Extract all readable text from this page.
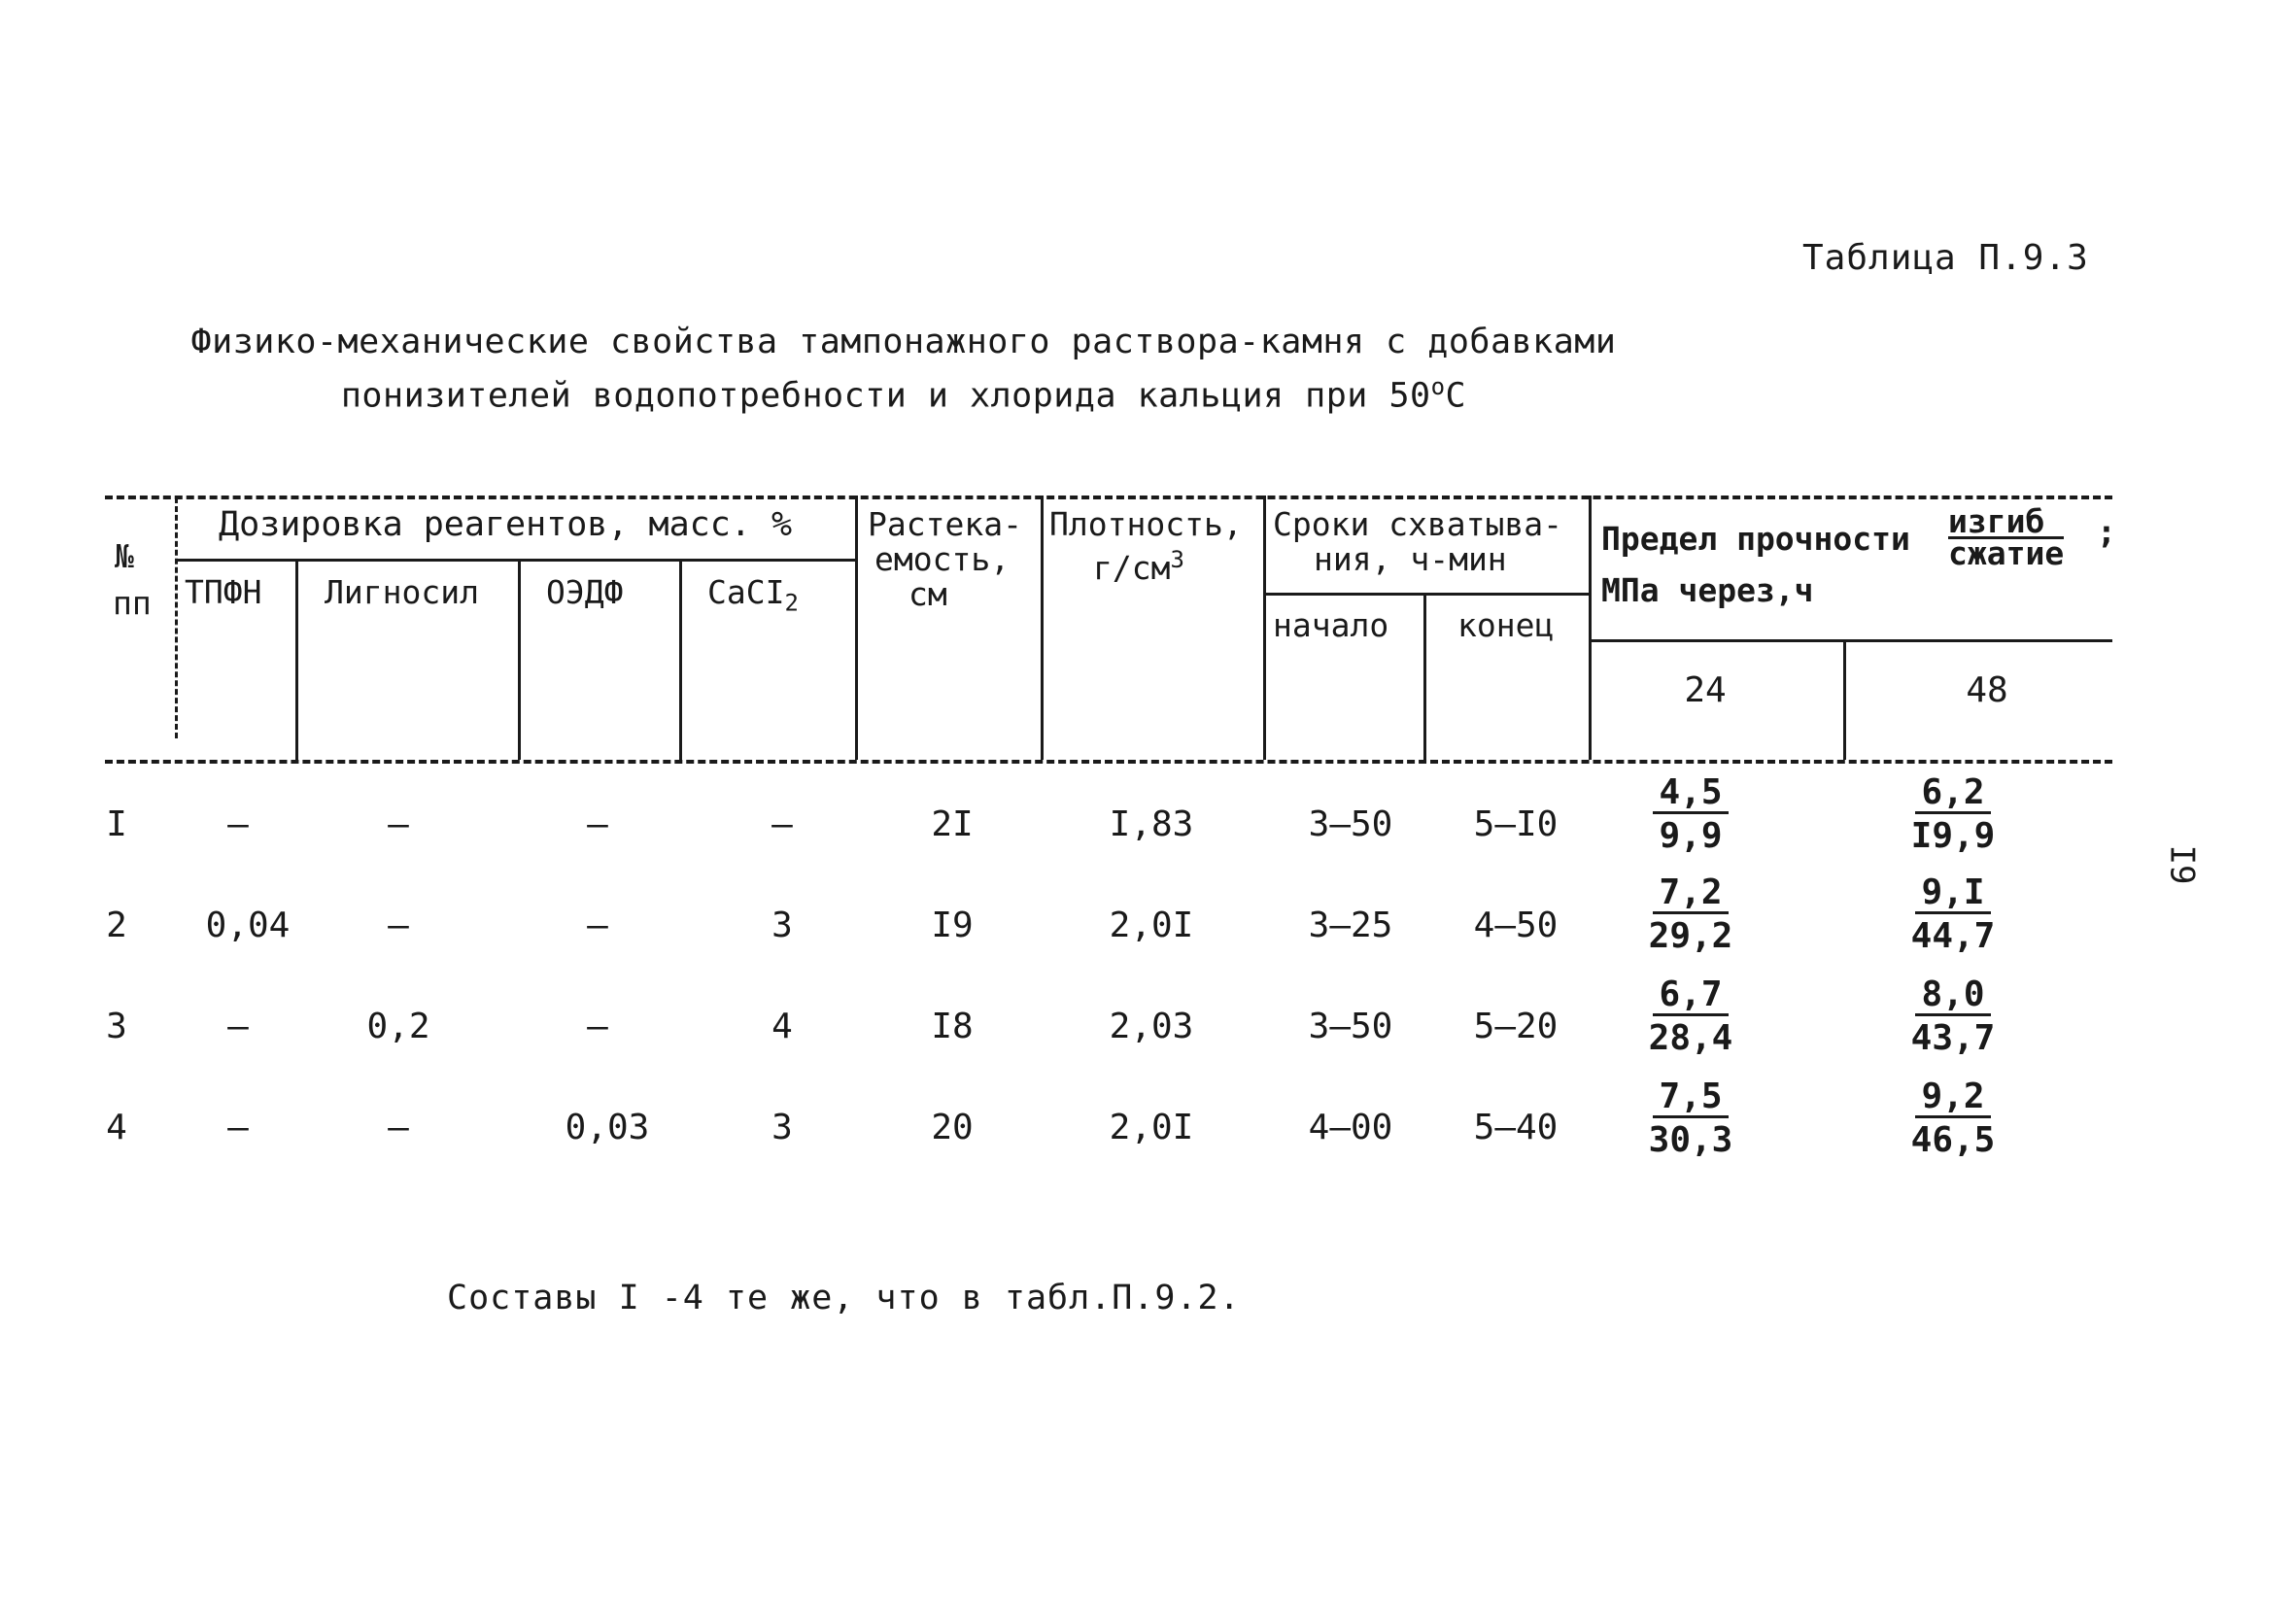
Таблица П.9.3
Физико-механические свойства тампонажного раствора-камня с добавками
понизителей водопотребности и хлорида кальция при $50^оС$
№
пп
Дозировка реагентов, масс. %
ТПФН Лигносил ОЭДФ	CaCI$_2$
Растека-
емость,
см
Плотность,
$г/см^3$
Сроки схватыва-
ния, ч-мин
начало конец
Предел прочности изгиб
сжатие
;
МПа через,ч
24	48
I	–	–	–	–	2I	I,83	3–50	5–I0	$\frac{4,5}{9,9}$	$\frac{6,2}{I9,9}$
2	0,04	–	–	3	I9	2,0I	3–25	4–50	$\frac{7,2}{29,2}$	$\frac{9,I}{44,7}$
3	–	0,2	–	4	I8	2,03	3–50	5–20	$\frac{6,7}{28,4}$	$\frac{8,0}{43,7}$
4	–	–	0,03	3	20	2,0I	4–00	5–40	$\frac{7,5}{30,3}$	$\frac{9,2}{46,5}$
Составы I -4 те же, что в табл.П.9.2.
I9
